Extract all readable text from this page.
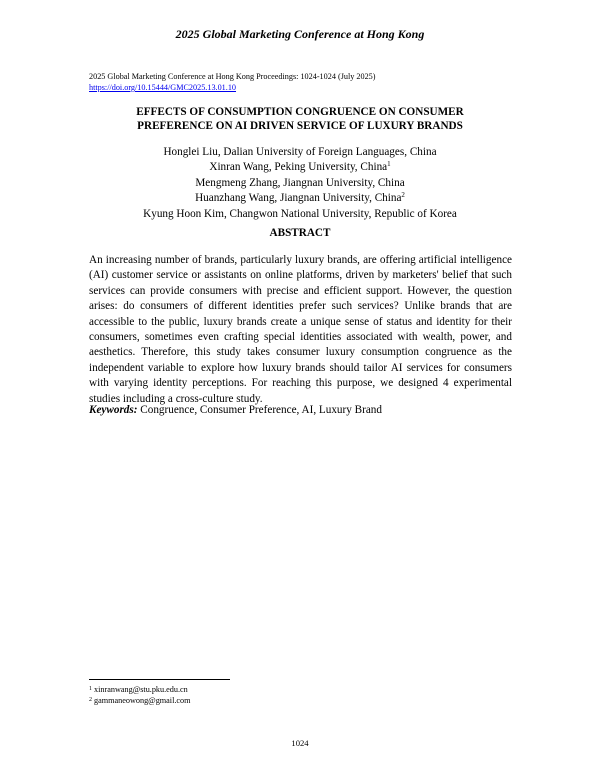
2025 Global Marketing Conference at Hong Kong
2025 Global Marketing Conference at Hong Kong Proceedings: 1024-1024 (July 2025)
https://doi.org/10.15444/GMC2025.13.01.10
EFFECTS OF CONSUMPTION CONGRUENCE ON CONSUMER
PREFERENCE ON AI DRIVEN SERVICE OF LUXURY BRANDS
Honglei Liu, Dalian University of Foreign Languages, China
Xinran Wang, Peking University, China$^1$
Mengmeng Zhang, Jiangnan University, China
Huanzhang Wang, Jiangnan University, China$^2$
Kyung Hoon Kim, Changwon National University, Republic of Korea
ABSTRACT

An increasing number of brands, particularly luxury brands, are offering artificial intelligence (AI) customer service or assistants on online platforms, driven by marketers' belief that such services can provide consumers with precise and efficient support. However, the question arises: do consumers of different identities prefer such services? Unlike brands that are accessible to the public, luxury brands create a unique sense of status and identity for their consumers, sometimes even crafting special identities associated with wealth, power, and aesthetics. Therefore, this study takes consumer luxury consumption congruence as the independent variable to explore how luxury brands should tailor AI services for consumers with varying identity perceptions. For reaching this purpose, we designed 4 experimental studies including a cross-culture study.

Keywords: Congruence, Consumer Preference, AI, Luxury Brand

$^1$ xinranwang@stu.pku.edu.cn
$^2$ gammaneowong@gmail.com
1024
